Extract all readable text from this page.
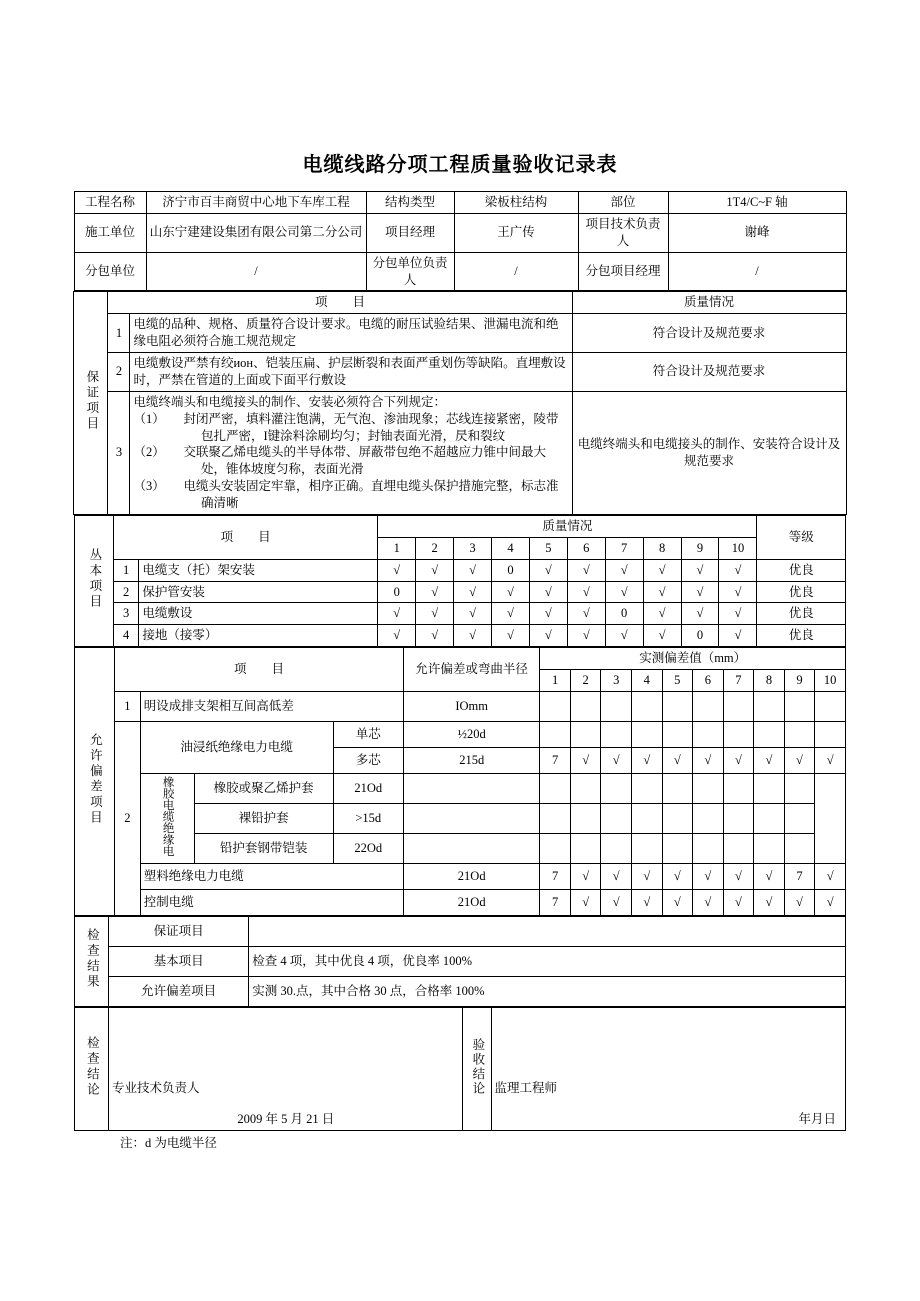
电缆线路分项工程质量验收记录表
工程名称	济宁市百丰商贸中心地下车库工程	结构类型	梁板柱结构	部位	1T4/C~F 轴
施工单位	山东宁建建设集团有限公司第二分公司	项目经理	王广传	项目技术负责人	谢峰
分包单位	/	分包单位负责人	/	分包项目经理	/
保证项目	项　　目		质量情况
	1	电缆的品种、规格、质量符合设计要求。电缆的耐压试验结果、泄漏电流和绝缘电阻必须符合施工规范规定	符合设计及规范要求
	2	电缆敷设严禁有绞ион、铠装压扁、护层断裂和表面严重划伤等缺陷。直埋敷设时，严禁在管道的上面或下面平行敷设	符合设计及规范要求
	3	电缆终端头和电缆接头的制作、安装必须符合下列规定：
（1）　　封闭严密，填料灌注饱满，无气泡、渗油现象；芯线连接紧密，陵带包扎严密，I键涂料涂刷均匀；封铀表面光滑，昃和裂纹
（2）　　交联聚乙烯电缆头的半导体带、屏蔽带包绝不超越应力锥中间最大处，锥体坡度匀称，表面光滑
（3）　　电缆头安装固定牢靠，相序正确。直埋电缆头保护措施完整，标志准确清晰	电缆终端头和电缆接头的制作、安装符合设计及规范要求
丛本项目	项　　目		质量情况										等级
			1	2	3	4	5	6	7	8	9	10	
	1	电缆支（托）架安装	√	√	√	0	√	√	√	√	√	√	优良
	2	保护管安装	0	√	√	√	√	√	√	√	√	√	优良
	3	电缆敷设	√	√	√	√	√	√	0	√	√	√	优良
	4	接地（接零）	√	√	√	√	√	√	√	√	0	√	优良
允许偏差项目	项　　目				允许偏差或弯曲半径	实测偏差值（mm）									
						1	2	3	4	5	6	7	8	9	10
	1	明设成排支架相互间高低差			IOmm										
	2	油浸纸绝缘电力电缆		单芯	½20d										
				多芯	215d	7	√	√	√	√	√	√	√	√	√
		橡胶电缆绝缘电	橡胶或聚乙烯护套	21Od											
			裸铅护套	>15d											
			铅护套钢带铠装	22Od											
		塑料绝缘电力电缆			21Od	7	√	√	√	√	√	√	√	7	√
		控制电缆			21Od	7	√	√	√	√	√	√	√	√	√
检查结果	保证项目	
	基本项目	检查 4 项，其中优良 4 项，优良率 100%
	允许偏差项目	实测 30.点，其中合格 30 点，合格率 100%
检查结论		验收结论	

专业技术负责人
2009 年 5 月 21 日

监理工程师
年月日
注：d 为电缆半径
